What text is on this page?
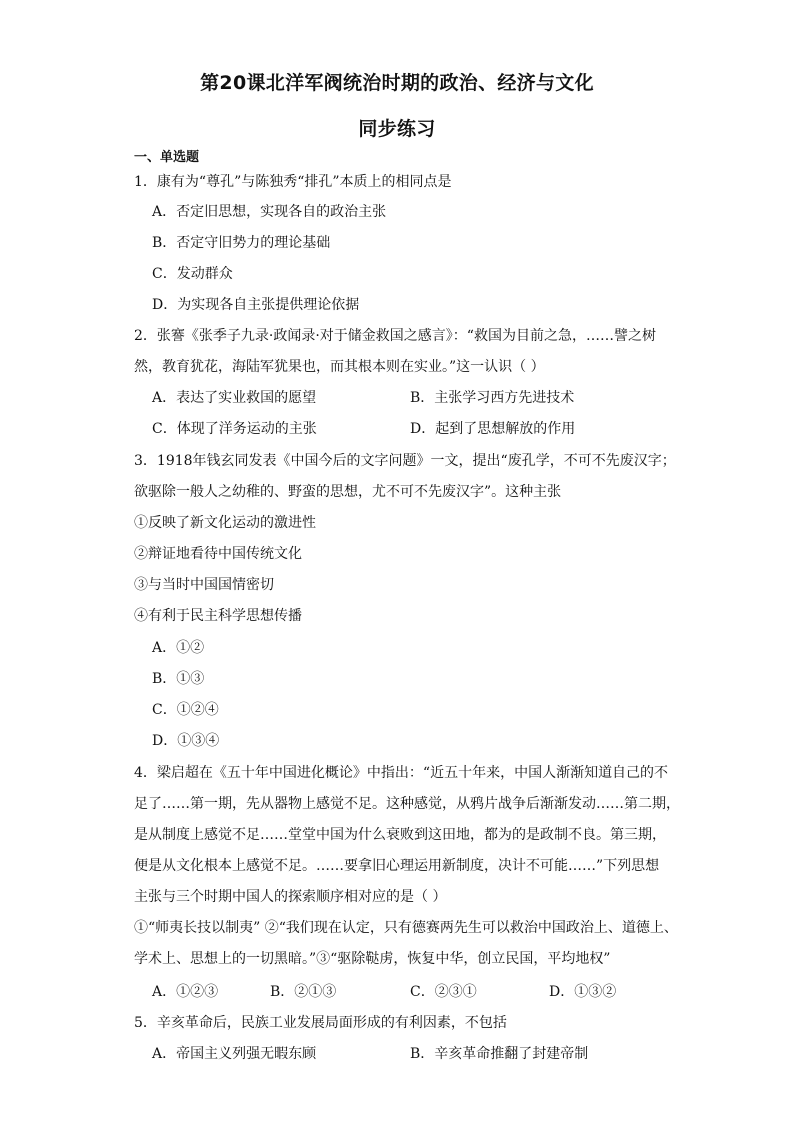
第20课北洋军阀统治时期的政治、经济与文化
同步练习
一、单选题
1．康有为“尊孔”与陈独秀“排孔”本质上的相同点是
A．否定旧思想，实现各自的政治主张
B．否定守旧势力的理论基础
C．发动群众
D．为实现各自主张提供理论依据
2．张謇《张季子九录·政闻录·对于储金救国之感言》：“救国为目前之急，……譬之树
然，教育犹花，海陆军犹果也，而其根本则在实业。”这一认识（ ）
A．表达了实业救国的愿望	B．主张学习西方先进技术
C．体现了洋务运动的主张	D．起到了思想解放的作用
3．1918年钱玄同发表《中国今后的文字问题》一文，提出“废孔学，不可不先废汉字；
欲驱除一般人之幼稚的、野蛮的思想，尤不可不先废汉字”。这种主张
①反映了新文化运动的激进性
②辩证地看待中国传统文化
③与当时中国国情密切
④有利于民主科学思想传播
A．①②
B．①③
C．①②④
D．①③④
4．梁启超在《五十年中国进化概论》中指出：“近五十年来，中国人渐渐知道自己的不
足了……第一期，先从器物上感觉不足。这种感觉，从鸦片战争后渐渐发动……第二期，
是从制度上感觉不足……堂堂中国为什么衰败到这田地，都为的是政制不良。第三期，
便是从文化根本上感觉不足。……要拿旧心理运用新制度，决计不可能……”下列思想
主张与三个时期中国人的探索顺序相对应的是（ ）
①“师夷长技以制夷” ②“我们现在认定，只有德赛两先生可以救治中国政治上、道德上、
学术上、思想上的一切黑暗。”③“驱除鞑虏，恢复中华，创立民国，平均地权”
A．①②③	B．②①③	C．②③①	D．①③②
5．辛亥革命后，民族工业发展局面形成的有利因素，不包括
A．帝国主义列强无暇东顾	B．辛亥革命推翻了封建帝制
